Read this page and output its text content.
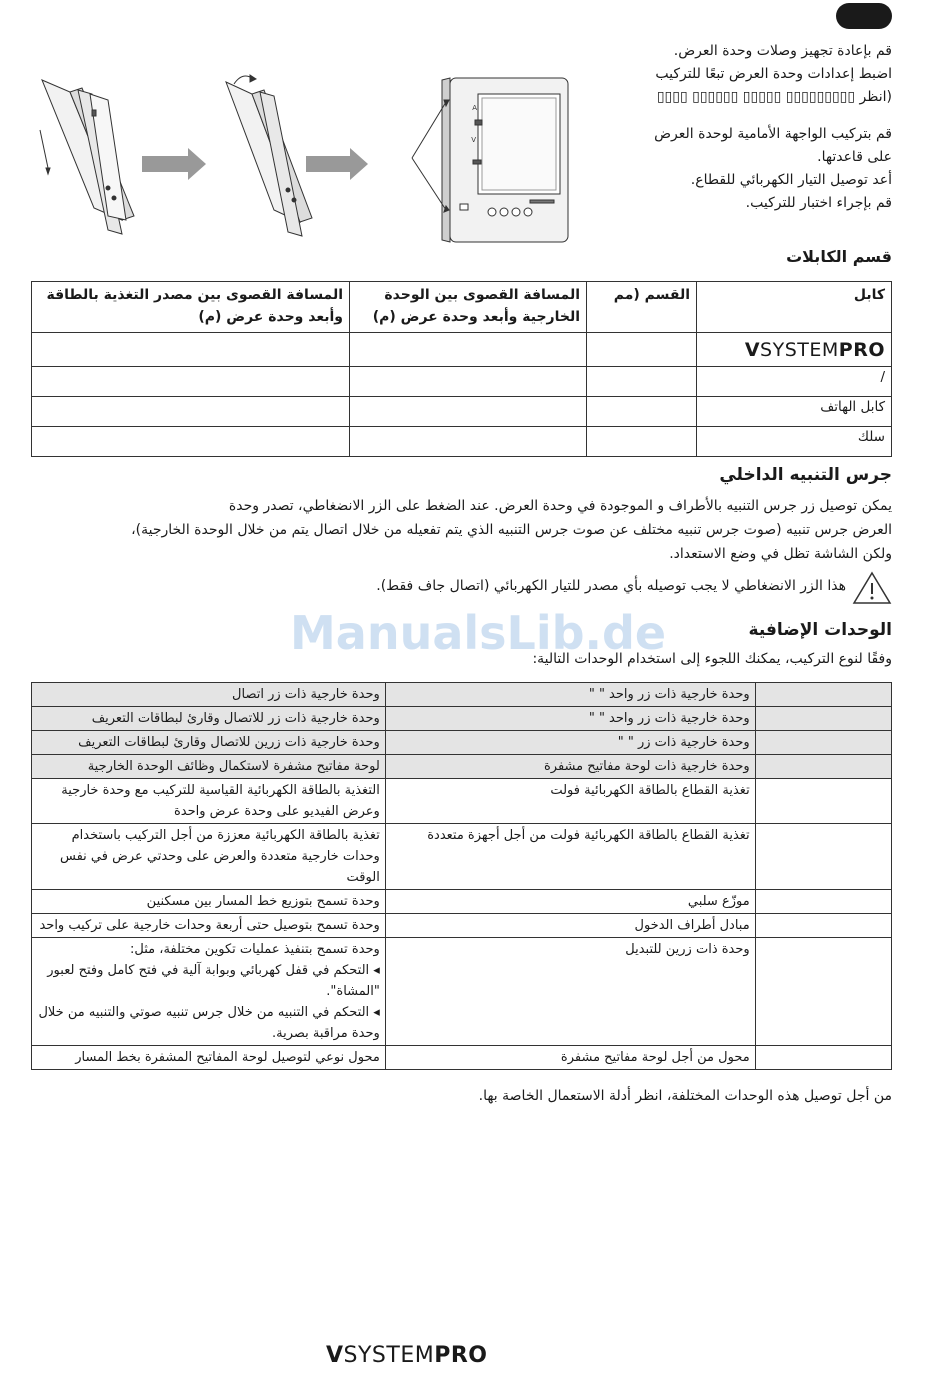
قم بإعادة تجهيز وصلات وحدة العرض.
اضبط إعدادات وحدة العرض تبعًا للتركيب
(انظر ▯▯▯▯▯▯▯▯▯ ▯▯▯▯▯ ▯▯▯▯▯▯ ▯▯▯▯
قم بتركيب الواجهة الأمامية لوحدة العرض
على قاعدتها.
أعد توصيل التيار الكهربائي للقطاع.
قم بإجراء اختبار للتركيب.
A
V
قسم الكابلات
كابل	القسم (مم	المسافة القصوى بين الوحدة الخارجية وأبعد وحدة عرض (م)	المسافة القصوى بين مصدر التغذية بالطاقة وأبعد وحدة عرض (م)
VSYSTEMPRO			
/			
كابل الهاتف			
سلك			
جرس التنبيه الداخلي
يمكن توصيل زر جرس التنبيه بالأطراف و الموجودة في وحدة العرض. عند الضغط على الزر الانضغاطي، تصدر وحدة
العرض جرس تنبيه (صوت جرس تنبيه مختلف عن صوت جرس التنبيه الذي يتم تفعيله من خلال اتصال يتم من خلال الوحدة الخارجية)،
ولكن الشاشة تظل في وضع الاستعداد.
هذا الزر الانضغاطي لا يجب توصيله بأي مصدر للتيار الكهربائي (اتصال جاف فقط).
ManualsLib.de	الوحدات الإضافية
وفقًا لنوع التركيب، يمكنك اللجوء إلى استخدام الوحدات التالية:
	وحدة خارجية ذات زر واحد " "	وحدة خارجية ذات زر اتصال
	وحدة خارجية ذات زر واحد " "	وحدة خارجية ذات زر للاتصال وقارئ لبطاقات التعريف
	وحدة خارجية ذات زر " "	وحدة خارجية ذات زرين للاتصال وقارئ لبطاقات التعريف
	وحدة خارجية ذات لوحة مفاتيح مشفرة	لوحة مفاتيح مشفرة لاستكمال وظائف الوحدة الخارجية
	تغذية القطاع بالطاقة الكهربائية فولت	التغذية بالطاقة الكهربائية القياسية للتركيب مع وحدة خارجية وعرض الفيديو على وحدة عرض واحدة
	تغذية القطاع بالطاقة الكهربائية فولت من أجل أجهزة متعددة	تغذية بالطاقة الكهربائية معززة من أجل التركيب باستخدام وحدات خارجية متعددة والعرض على وحدتي عرض في نفس الوقت
	موزّع سلبي	وحدة تسمح بتوزيع خط المسار بين مسكنين
	مبادل أطراف الدخول	وحدة تسمح بتوصيل حتى أربعة وحدات خارجية على تركيب واحد
	وحدة ذات زرين للتبديل	وحدة تسمح بتنفيذ عمليات تكوين مختلفة، مثل:
◂ التحكم في قفل كهربائي وبوابة آلية في فتح كامل وفتح لعبور "المشاة".
◂ التحكم في التنبيه من خلال جرس تنبيه صوتي والتنبيه من خلال وحدة مراقبة بصرية.
	محول من أجل لوحة مفاتيح مشفرة	محول نوعي لتوصيل لوحة المفاتيح المشفرة بخط المسار
من أجل توصيل هذه الوحدات المختلفة، انظر أدلة الاستعمال الخاصة بها.
VSYSTEMPRO
